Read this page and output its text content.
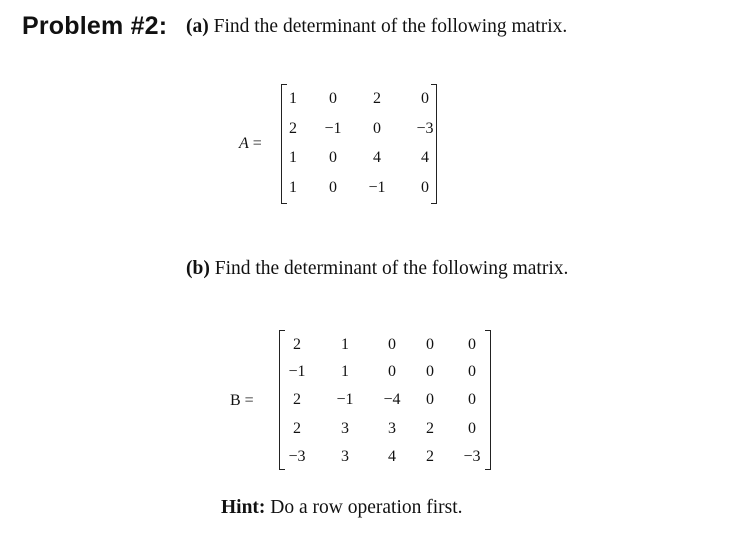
Problem #2: (a) Find the determinant of the following matrix.
A =
1	0	2	0
2	−1	0	−3
1	0	4	4
1	0	−1	0
(b) Find the determinant of the following matrix.
B =
2	1	0	0	0
−1	1	0	0	0
2	−1	−4	0	0
2	3	3	2	0
−3	3	4	2	−3
Hint: Do a row operation first.
